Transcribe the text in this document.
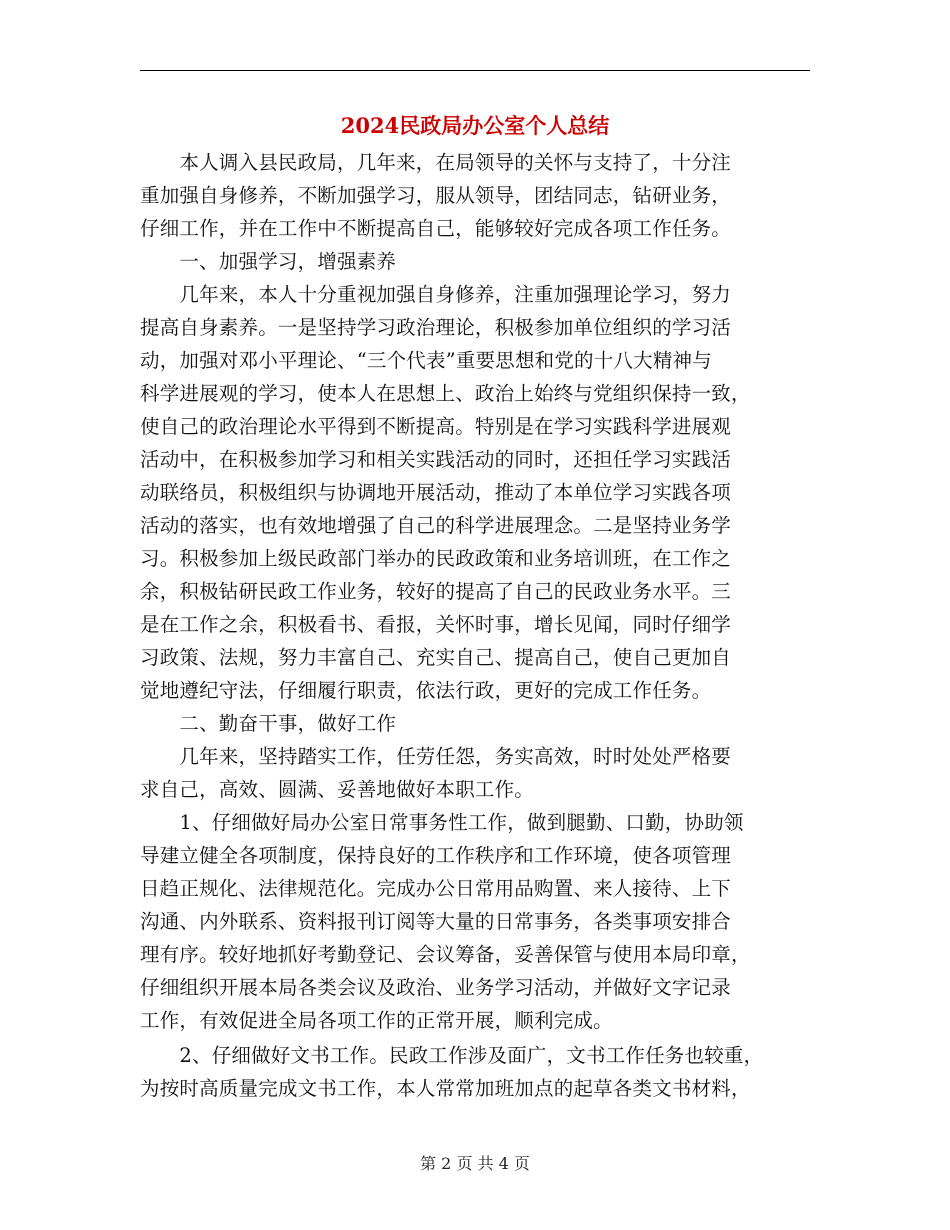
2024民政局办公室个人总结
　　本人调入县民政局，几年来，在局领导的关怀与支持了，十分注
重加强自身修养，不断加强学习，服从领导，团结同志，钻研业务，
仔细工作，并在工作中不断提高自己，能够较好完成各项工作任务。
　　一、加强学习，增强素养
　　几年来，本人十分重视加强自身修养，注重加强理论学习，努力
提高自身素养。一是坚持学习政治理论，积极参加单位组织的学习活
动，加强对邓小平理论、“三个代表”重要思想和党的十八大精神与
科学进展观的学习，使本人在思想上、政治上始终与党组织保持一致，
使自己的政治理论水平得到不断提高。特别是在学习实践科学进展观
活动中，在积极参加学习和相关实践活动的同时，还担任学习实践活
动联络员，积极组织与协调地开展活动，推动了本单位学习实践各项
活动的落实，也有效地增强了自己的科学进展理念。二是坚持业务学
习。积极参加上级民政部门举办的民政政策和业务培训班，在工作之
余，积极钻研民政工作业务，较好的提高了自己的民政业务水平。三
是在工作之余，积极看书、看报，关怀时事，增长见闻，同时仔细学
习政策、法规，努力丰富自己、充实自己、提高自己，使自己更加自
觉地遵纪守法，仔细履行职责，依法行政，更好的完成工作任务。
　　二、勤奋干事，做好工作
　　几年来，坚持踏实工作，任劳任怨，务实高效，时时处处严格要
求自己，高效、圆满、妥善地做好本职工作。
　　1、仔细做好局办公室日常事务性工作，做到腿勤、口勤，协助领
导建立健全各项制度，保持良好的工作秩序和工作环境，使各项管理
日趋正规化、法律规范化。完成办公日常用品购置、来人接待、上下
沟通、内外联系、资料报刊订阅等大量的日常事务，各类事项安排合
理有序。较好地抓好考勤登记、会议筹备，妥善保管与使用本局印章，
仔细组织开展本局各类会议及政治、业务学习活动，并做好文字记录
工作，有效促进全局各项工作的正常开展，顺利完成。
　　2、仔细做好文书工作。民政工作涉及面广，文书工作任务也较重，
为按时高质量完成文书工作，本人常常加班加点的起草各类文书材料，
第 2 页 共 4 页
